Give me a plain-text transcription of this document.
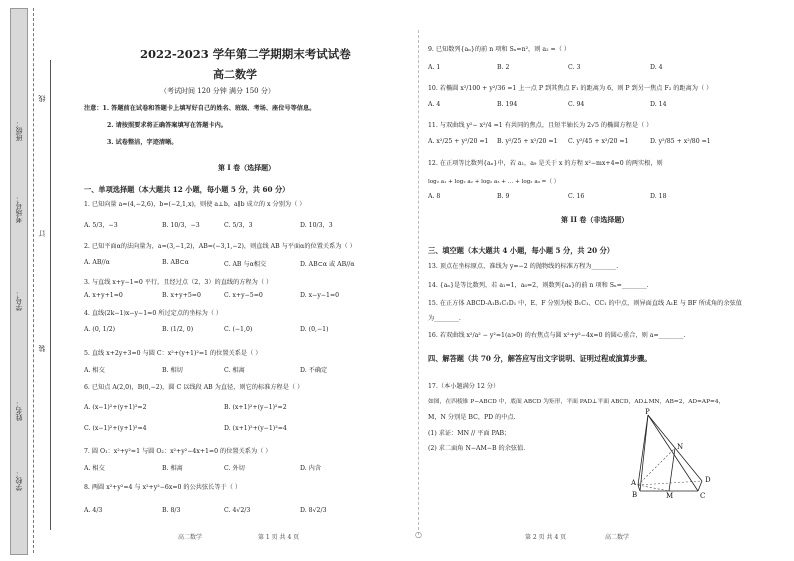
线
班级：
考场号：
订
学号：
装
姓名：
学校：
2022-2023 学年第二学期期末考试试卷
高二数学
（考试时间 120 分钟 满分 150 分）
注意：1. 答题前在试卷和答题卡上填写好自己的姓名、班级、考场、座位号等信息。
2. 请按照要求将正确答案填写在答题卡内。
3. 试卷整洁，字迹清晰。
第 I 卷（选择题）
一、单项选择题（本大题共 12 小题，每小题 5 分，共 60 分）
1. 已知向量 a=(4,−2,6)，b=(−2,1,x)，则使 a⊥b，a∥b 成立的 x 分别为（ ）
A. 5/3，−3	B. 10/3，−3	C. 5/3，3	D. 10/3，3
2. 已知平面α的法向量为，a=(3,−1,2)，AB=(−3,1,−2)，则直线 AB 与平面α的位置关系为（ ）
A. AB//α	B. AB⊂α	C. AB 与α相交	D. AB⊂α 或 AB//α
3. 与直线 x+y−1=0 平行，且经过点（2，3）的直线的方程为（ ）
A. x+y+1=0	B. x+y+5=0	C. x+y−5=0	D. x−y−1=0
4. 直线(2k−1)x−y−1=0 所过定点的坐标为（ ）
A. (0, 1/2)	B. (1/2, 0)	C. (−1,0)	D. (0,−1)
5. 直线 x+2y+3=0 与圆 C：x²+(y+1)²=1 的位置关系是（ ）
A. 相交	B. 相切	C. 相离	D. 不确定
6. 已知点 A(2,0)，B(0,−2)，圆 C 以线段 AB 为直径，则它的标准方程是（ ）
A. (x−1)²+(y+1)²=2	B. (x+1)²+(y−1)²=2
C. (x−1)²+(y+1)²=4	D. (x+1)²+(y−1)²=4
7. 圆 O₁：x²+y²=1 与圆 O₂：x²+y²−4x+1=0 的位置关系为（ ）
A. 相交	B. 相离	C. 外切	D. 内含
8. 两圆 x²+y²=4 与 x²+y²−6x=0 的公共弦长等于（ ）
A. 4/3	B. 8/3	C. 4√2/3	D. 8√2/3
高二数学	第 1 页 共 4 页	○
9. 已知数列{aₙ}的前 n 项和 Sₙ=n²，则 a₂ =（ ）
A. 1	B. 2	C. 3	D. 4
10. 若椭圆 x²/100 + y²/36 =1 上一点 P 到其焦点 F₁ 的距离为 6，则 P 到另一焦点 F₂ 的距离为（ ）
A. 4	B. 194	C. 94	D. 14
11. 与双曲线 y²− x²/4 =1 有共同的焦点，且短半轴长为 2√5 的椭圆方程是（ ）
A. x²/25 + y²/20 =1 B. y²/25 + x²/20 =1 C. y²/45 + x²/20 =1	D. y²/85 + x²/80 =1
12. 在正项等比数列{aₙ}中，若 a₁，a₉ 是关于 x 的方程 x²−mx+4=0 的两实根，则
log₂ a₁ + log₂ a₂ + log₂ a₃ + … + log₂ a₉ =（ ）
A. 8	B. 9	C. 16	D. 18
第 II 卷（非选择题）
三、填空题（本大题共 4 小题，每小题 5 分，共 20 分）
13. 顶点在坐标原点，准线为 y=−2 的抛物线的标准方程为________.
14. {aₙ}是等比数列，若 a₁=1，a₆=2，则数列{aₙ}的前 n 项和 Sₙ=________.
15. 在正方体 ABCD-A₁B₁C₁D₁ 中，E、F 分别为棱 B₁C₁、CC₁ 的中点，则异面直线 A₁E 与 BF 所成角的余弦值
为________.
16. 若双曲线 x²/a² − y²=1(a>0) 的右焦点与圆 x²+y²−4x=0 的圆心重合，则 a=________.
四、解答题（共 70 分，解答应写出文字说明、证明过程或演算步骤。
17.（本小题满分 12 分）
如图，在四棱锥 P−ABCD 中，底面 ABCD 为矩形，平面 PAD⊥平面 ABCD，AD⊥MN，AB=2，AD=AP=4，
M，N 分别是 BC，PD 的中点.
(1) 求证：MN // 平面 PAB；
(2) 求二面角 N−AM−B 的余弦值.
P
N
A	D
B	M	C
第 2 页 共 4 页	高二数学
